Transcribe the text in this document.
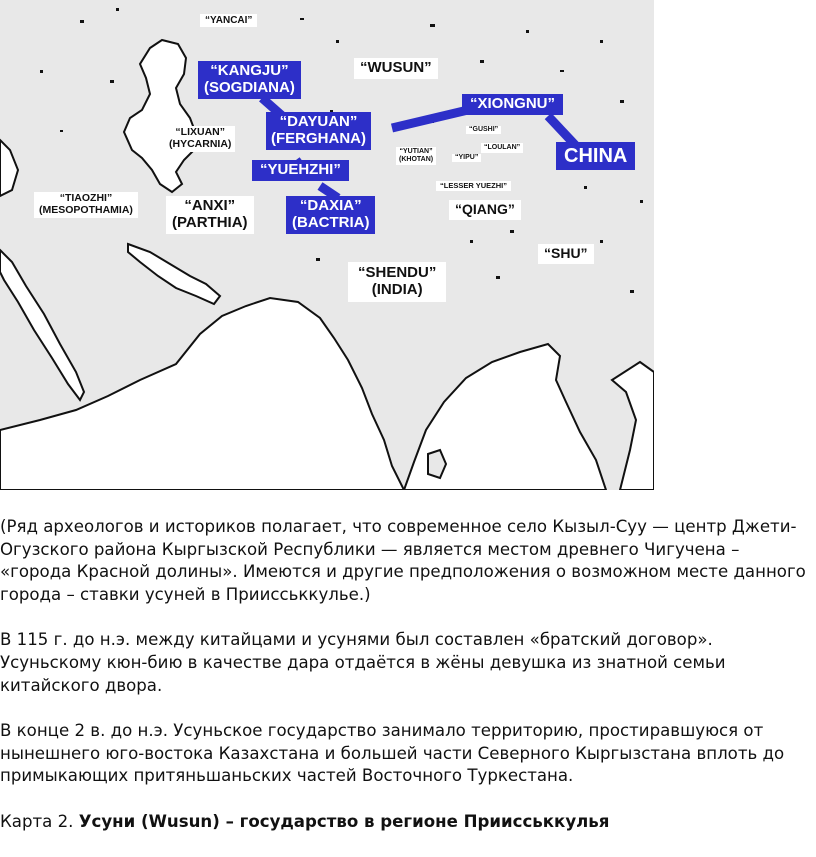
“YANCAI”
“WUSUN”
“LIXUAN”
(HYCARNIA)
“GUSHI”
“LOULAN”
“YUTIAN”
(KHOTAN)	“YIPU”
“LESSER YUEZHI”
“TIAOZHI”
(MESOPOTHAMIA)	“ANXI”
(PARTHIA)
“QIANG”
“SHU”
“SHENDU”
(INDIA)
“KANGJU”
(SOGDIANA)
“DAYUAN”
(FERGHANA)
“XIONGNU”
CHINA
“YUEHZHI”
“DAXIA”
(BACTRIA)

(Ряд археологов и историков полагает, что современное село Кызыл-Суу — центр Джети-Огузского района Кыргызской Республики — является местом древнего Чигучена – «города Красной долины». Имеются и другие предположения о возможном месте данного города – ставки усуней в Приисськкулье.)

В 115 г. до н.э. между китайцами и усунями был составлен «братский договор». Усуньскому кюн-бию в качестве дара отдаётся в жёны девушка из знатной семьи китайского двора.

В конце 2 в. до н.э. Усуньское государство занимало территорию, простиравшуюся от нынешнего юго-востока Казахстана и большей части Северного Кыргызстана вплоть до примыкающих притяньшаньских частей Восточного Туркестана.

Карта 2. Усуни (Wusun) – государство в регионе Приисськкулья
